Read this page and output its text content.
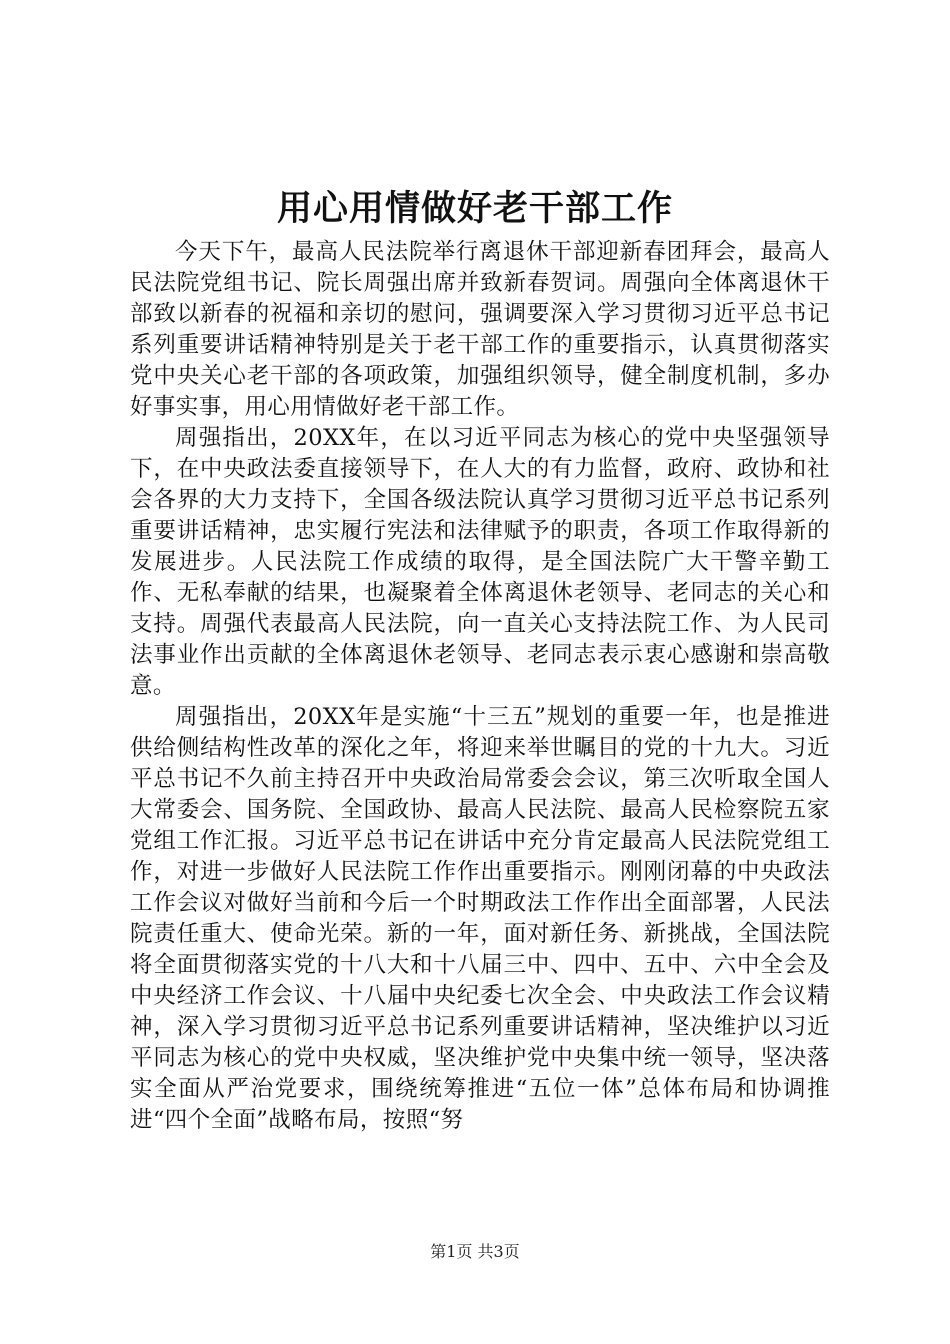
用心用情做好老干部工作

今天下午，最高人民法院举行离退休干部迎新春团拜会，最高人民法院党组书记、院长周强出席并致新春贺词。周强向全体离退休干部致以新春的祝福和亲切的慰问，强调要深入学习贯彻习近平总书记系列重要讲话精神特别是关于老干部工作的重要指示，认真贯彻落实党中央关心老干部的各项政策，加强组织领导，健全制度机制，多办好事实事，用心用情做好老干部工作。

周强指出，20XX年，在以习近平同志为核心的党中央坚强领导下，在中央政法委直接领导下，在人大的有力监督，政府、政协和社会各界的大力支持下，全国各级法院认真学习贯彻习近平总书记系列重要讲话精神，忠实履行宪法和法律赋予的职责，各项工作取得新的发展进步。人民法院工作成绩的取得，是全国法院广大干警辛勤工作、无私奉献的结果，也凝聚着全体离退休老领导、老同志的关心和支持。周强代表最高人民法院，向一直关心支持法院工作、为人民司法事业作出贡献的全体离退休老领导、老同志表示衷心感谢和崇高敬意。

周强指出，20XX年是实施“十三五”规划的重要一年，也是推进供给侧结构性改革的深化之年，将迎来举世瞩目的党的十九大。习近平总书记不久前主持召开中央政治局常委会会议，第三次听取全国人大常委会、国务院、全国政协、最高人民法院、最高人民检察院五家党组工作汇报。习近平总书记在讲话中充分肯定最高人民法院党组工作，对进一步做好人民法院工作作出重要指示。刚刚闭幕的中央政法工作会议对做好当前和今后一个时期政法工作作出全面部署，人民法院责任重大、使命光荣。新的一年，面对新任务、新挑战，全国法院将全面贯彻落实党的十八大和十八届三中、四中、五中、六中全会及中央经济工作会议、十八届中央纪委七次全会、中央政法工作会议精神，深入学习贯彻习近平总书记系列重要讲话精神，坚决维护以习近平同志为核心的党中央权威，坚决维护党中央集中统一领导，坚决落实全面从严治党要求，围绕统筹推进“五位一体”总体布局和协调推进“四个全面”战略布局，按照“努

第1页 共3页
